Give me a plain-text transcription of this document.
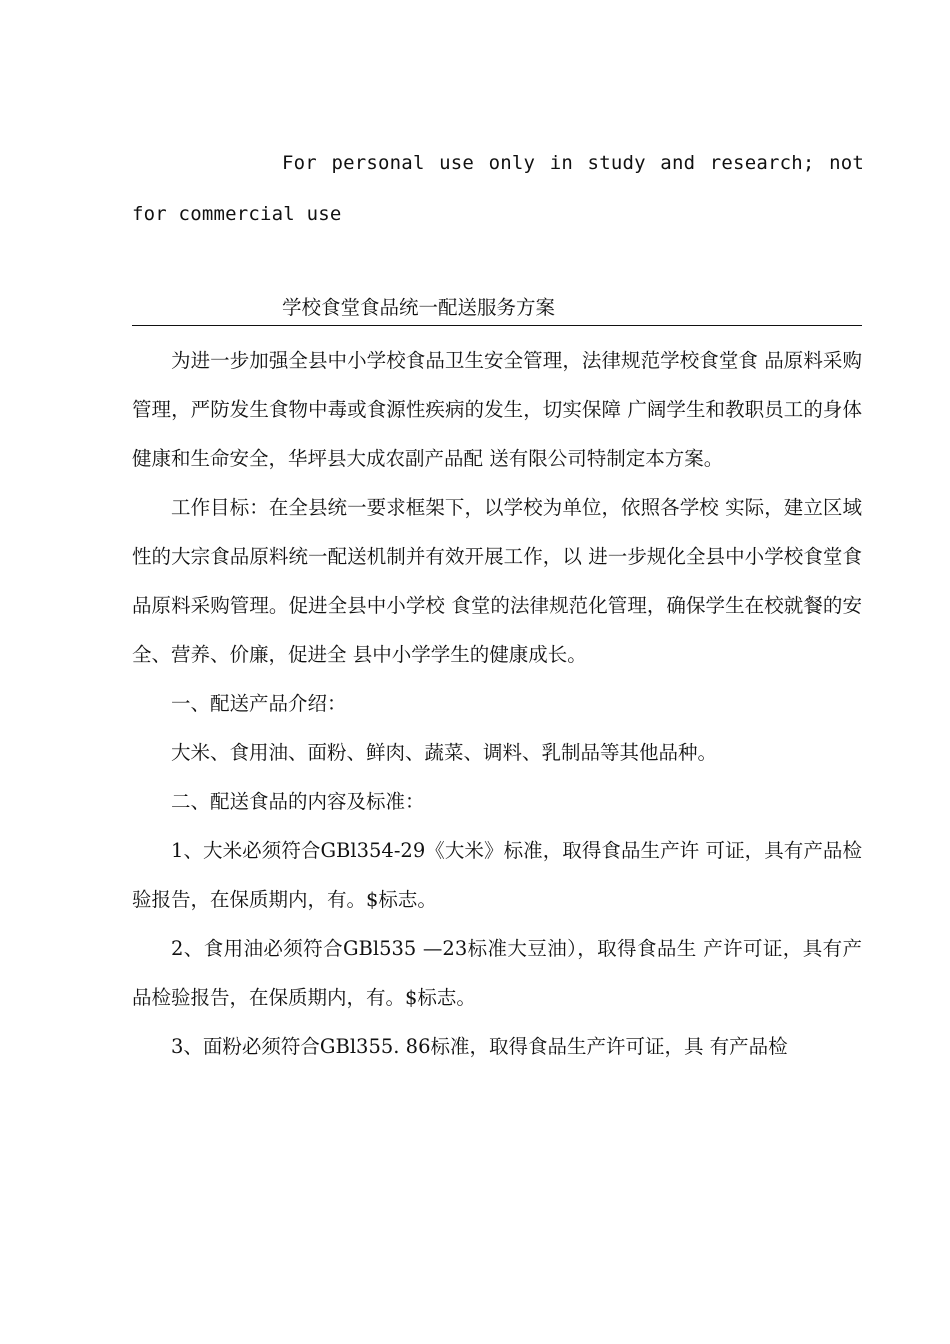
For personal use only in study and research; not for commercial use
学校食堂食品统一配送服务方案

为进一步加强全县中小学校食品卫生安全管理，法律规范学校食堂食 品原料采购管理，严防发生食物中毒或食源性疾病的发生，切实保障 广阔学生和教职员工的身体健康和生命安全，华坪县大成农副产品配 送有限公司特制定本方案。

工作目标：在全县统一要求框架下，以学校为单位，依照各学校 实际，建立区域性的大宗食品原料统一配送机制并有效开展工作，以 进一步规化全县中小学校食堂食品原料采购管理。促进全县中小学校 食堂的法律规范化管理，确保学生在校就餐的安全、营养、价廉，促进全 县中小学学生的健康成长。

一、配送产品介绍：

大米、食用油、面粉、鲜肉、蔬菜、调料、乳制品等其他品种。

二、配送食品的内容及标准：

1、大米必须符合GBl354-29《大米》标准，取得食品生产许 可证，具有产品检验报告，在保质期内，有。$标志。

2、食用油必须符合GBl535 —23标准大豆油），取得食品生 产许可证，具有产品检验报告，在保质期内，有。$标志。

3、面粉必须符合GBl355. 86标准，取得食品生产许可证，具 有产品检
